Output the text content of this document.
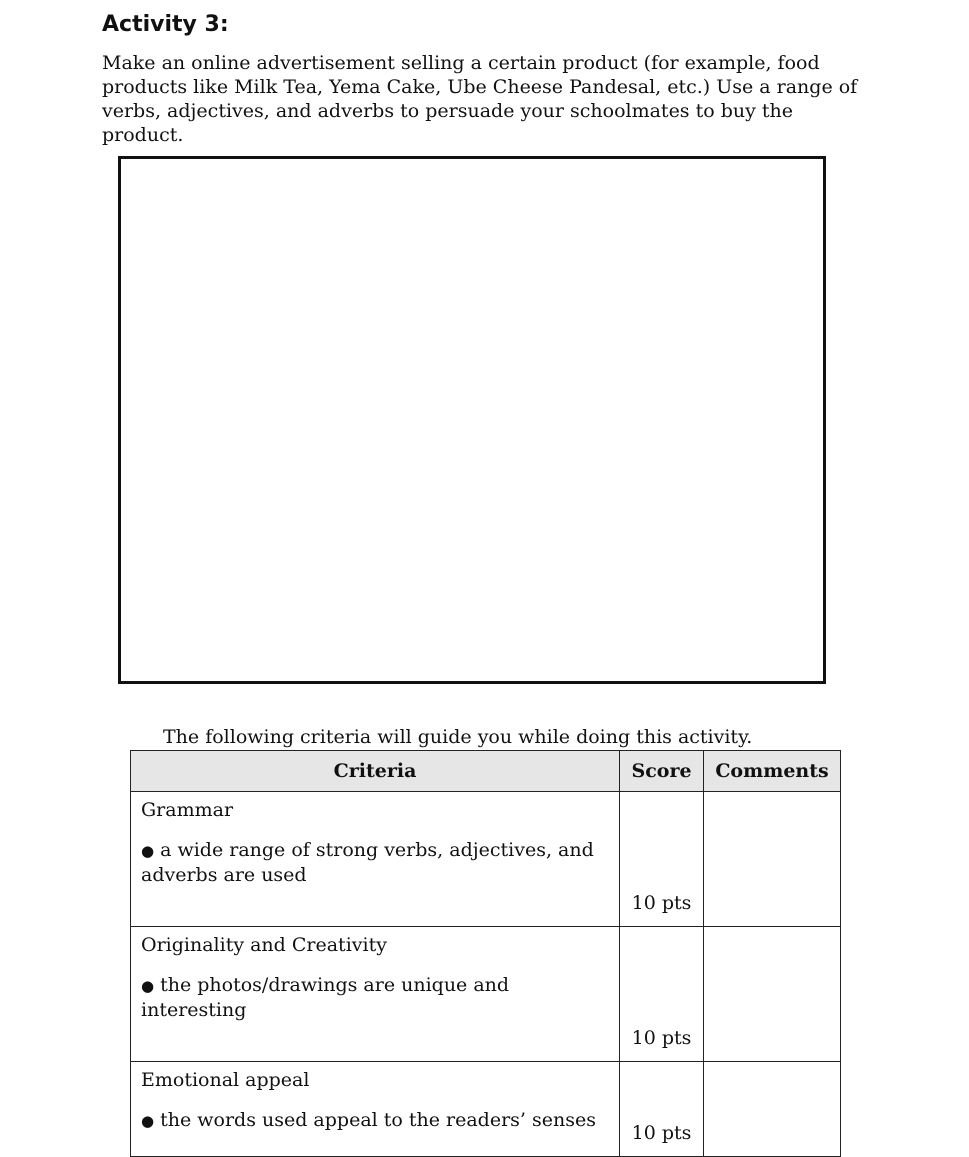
Activity 3:

Make an online advertisement selling a certain product (for example, food products like Milk Tea, Yema Cake, Ube Cheese Pandesal, etc.) Use a range of verbs, adjectives, and adverbs to persuade your schoolmates to buy the product.

The following criteria will guide you while doing this activity.

Criteria	Score	Comments

Grammar

● a wide range of strong verbs, adjectives, and adverbs are used	10 pts	

Originality and Creativity

● the photos/drawings are unique and interesting	10 pts	

Emotional appeal

● the words used appeal to the readers’ senses	10 pts	
